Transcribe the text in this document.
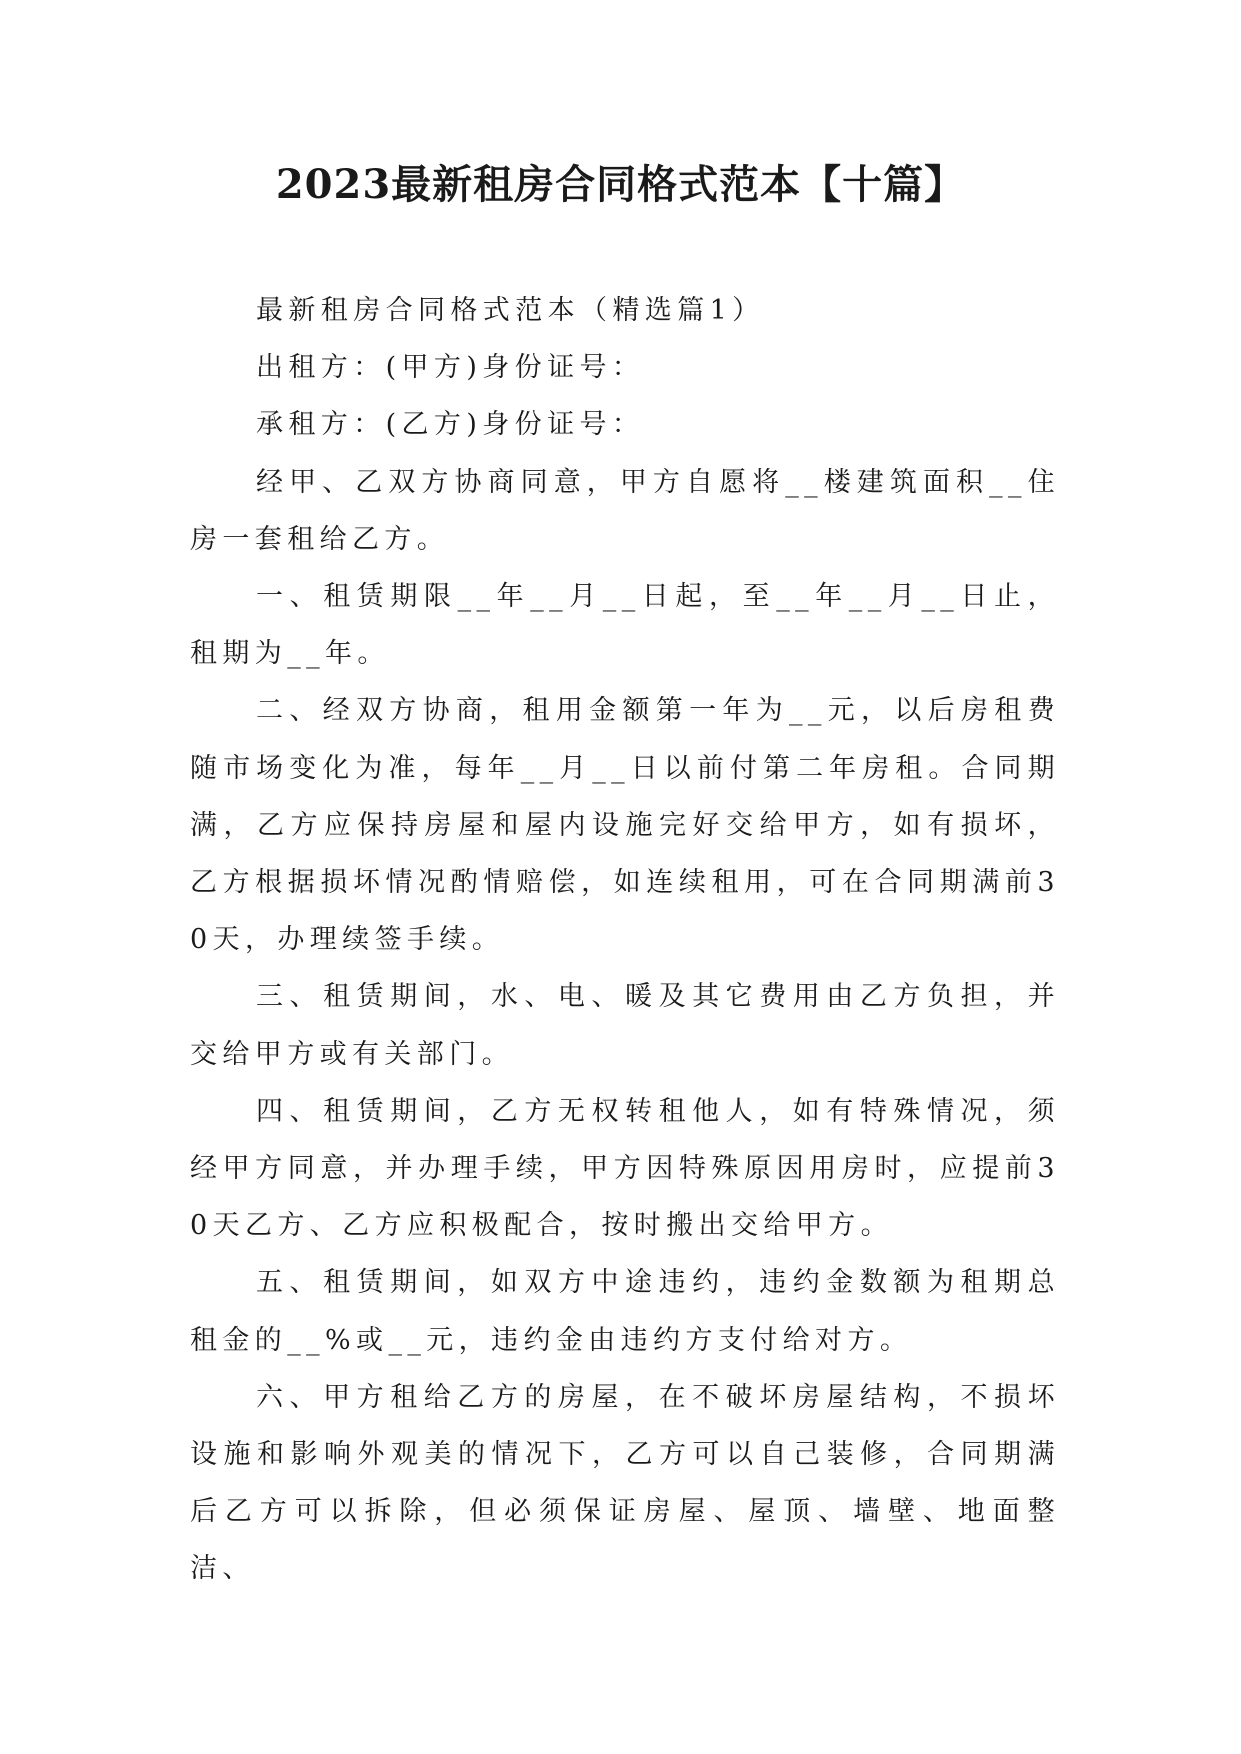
2023最新租房合同格式范本【十篇】

最新租房合同格式范本（精选篇1）

出租方：(甲方)身份证号：

承租方：(乙方)身份证号：

经甲、乙双方协商同意，甲方自愿将__楼建筑面积__住房一套租给乙方。

一、租赁期限__年__月__日起，至__年__月__日止，租期为__年。

二、经双方协商，租用金额第一年为__元，以后房租费随市场变化为准，每年__月__日以前付第二年房租。合同期满，乙方应保持房屋和屋内设施完好交给甲方，如有损坏，乙方根据损坏情况酌情赔偿，如连续租用，可在合同期满前30天，办理续签手续。

三、租赁期间，水、电、暖及其它费用由乙方负担，并交给甲方或有关部门。

四、租赁期间，乙方无权转租他人，如有特殊情况，须经甲方同意，并办理手续，甲方因特殊原因用房时，应提前30天乙方、乙方应积极配合，按时搬出交给甲方。

五、租赁期间，如双方中途违约，违约金数额为租期总租金的__%或__元，违约金由违约方支付给对方。

六、甲方租给乙方的房屋，在不破坏房屋结构，不损坏设施和影响外观美的情况下，乙方可以自己装修，合同期满后乙方可以拆除，但必须保证房屋、屋顶、墙壁、地面整洁、
